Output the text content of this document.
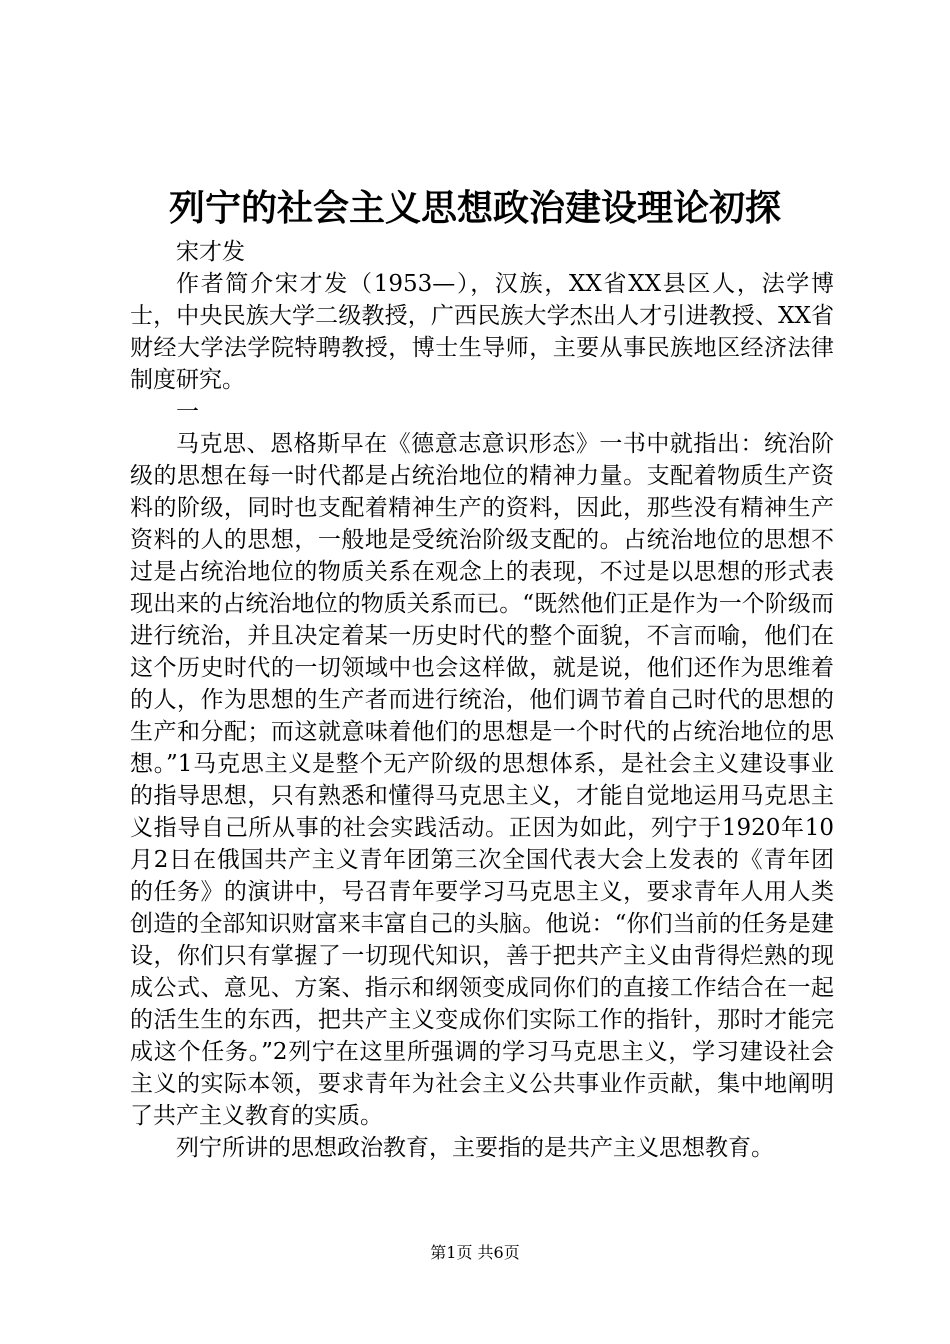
列宁的社会主义思想政治建设理论初探

宋才发

作者简介宋才发（1953—），汉族，XX省XX县区人，法学博士，中央民族大学二级教授，广西民族大学杰出人才引进教授、XX省财经大学法学院特聘教授，博士生导师，主要从事民族地区经济法律制度研究。

一

马克思、恩格斯早在《德意志意识形态》一书中就指出：统治阶级的思想在每一时代都是占统治地位的精神力量。支配着物质生产资料的阶级，同时也支配着精神生产的资料，因此，那些没有精神生产资料的人的思想，一般地是受统治阶级支配的。占统治地位的思想不过是占统治地位的物质关系在观念上的表现，不过是以思想的形式表现出来的占统治地位的物质关系而已。“既然他们正是作为一个阶级而进行统治，并且决定着某一历史时代的整个面貌，不言而喻，他们在这个历史时代的一切领域中也会这样做，就是说，他们还作为思维着的人，作为思想的生产者而进行统治，他们调节着自己时代的思想的生产和分配；而这就意味着他们的思想是一个时代的占统治地位的思想。”1马克思主义是整个无产阶级的思想体系，是社会主义建设事业的指导思想，只有熟悉和懂得马克思主义，才能自觉地运用马克思主义指导自己所从事的社会实践活动。正因为如此，列宁于1920年10月2日在俄国共产主义青年团第三次全国代表大会上发表的《青年团的任务》的演讲中，号召青年要学习马克思主义，要求青年人用人类创造的全部知识财富来丰富自己的头脑。他说：“你们当前的任务是建设，你们只有掌握了一切现代知识，善于把共产主义由背得烂熟的现成公式、意见、方案、指示和纲领变成同你们的直接工作结合在一起的活生生的东西，把共产主义变成你们实际工作的指针，那时才能完成这个任务。”2列宁在这里所强调的学习马克思主义，学习建设社会主义的实际本领，要求青年为社会主义公共事业作贡献，集中地阐明了共产主义教育的实质。

列宁所讲的思想政治教育，主要指的是共产主义思想教育。

第1页 共6页
